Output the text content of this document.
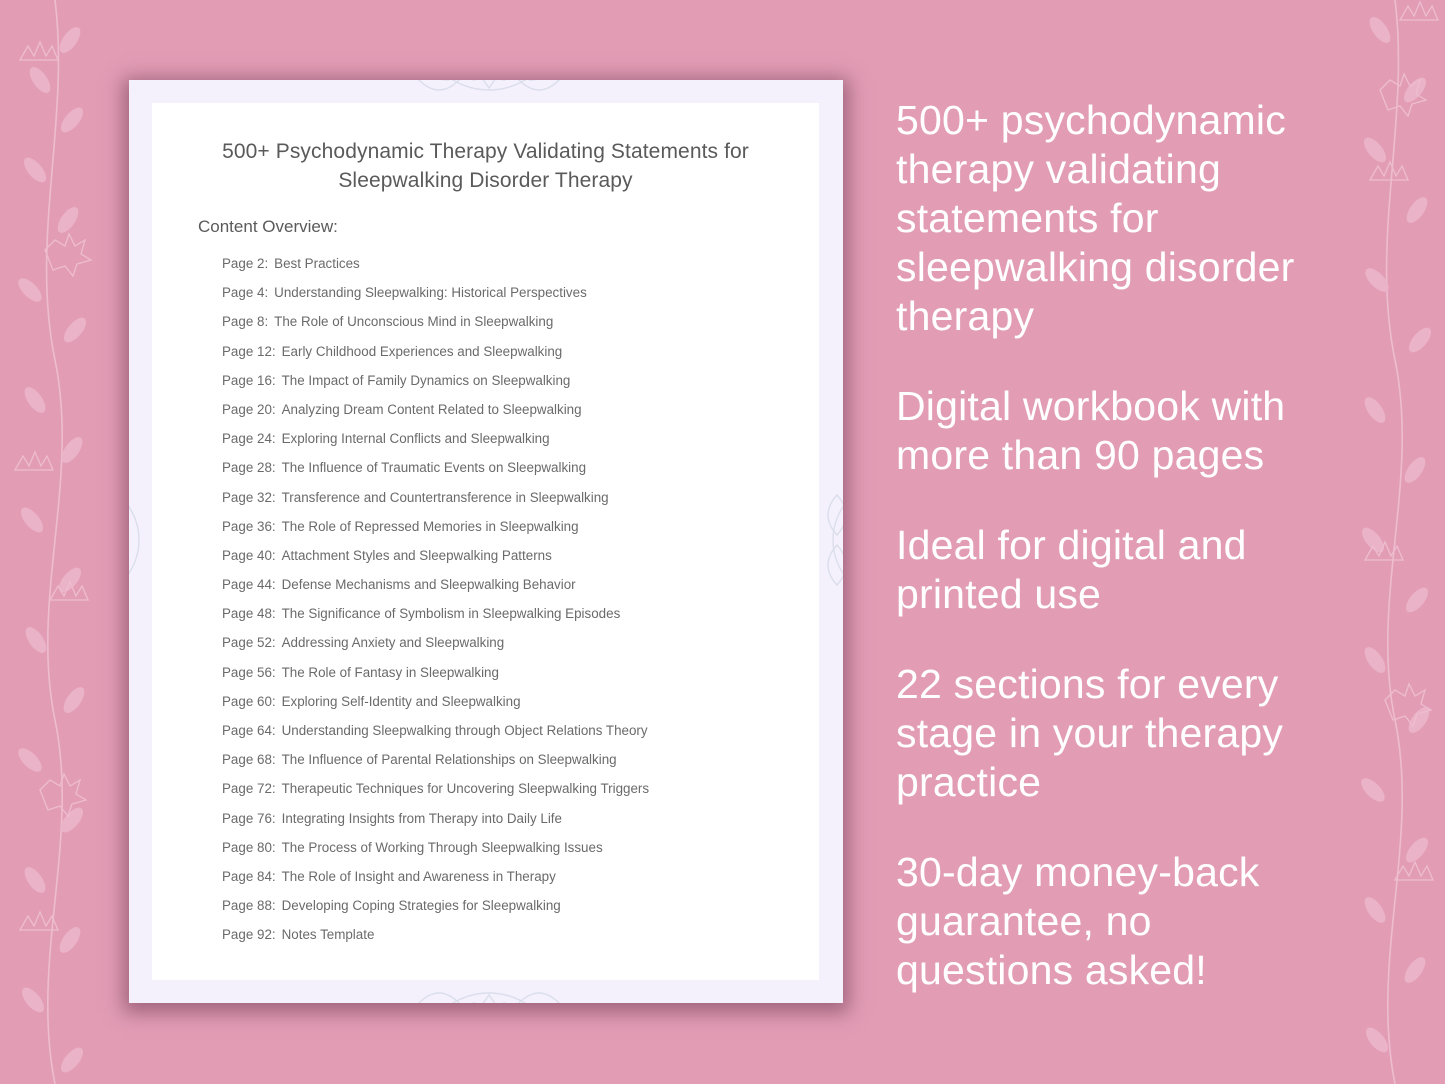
500+ Psychodynamic Therapy Validating Statements for
Sleepwalking Disorder Therapy
Content Overview:
Page 2: Best Practices
Page 4: Understanding Sleepwalking: Historical Perspectives
Page 8: The Role of Unconscious Mind in Sleepwalking
Page 12: Early Childhood Experiences and Sleepwalking
Page 16: The Impact of Family Dynamics on Sleepwalking
Page 20: Analyzing Dream Content Related to Sleepwalking
Page 24: Exploring Internal Conflicts and Sleepwalking
Page 28: The Influence of Traumatic Events on Sleepwalking
Page 32: Transference and Countertransference in Sleepwalking
Page 36: The Role of Repressed Memories in Sleepwalking
Page 40: Attachment Styles and Sleepwalking Patterns
Page 44: Defense Mechanisms and Sleepwalking Behavior
Page 48: The Significance of Symbolism in Sleepwalking Episodes
Page 52: Addressing Anxiety and Sleepwalking
Page 56: The Role of Fantasy in Sleepwalking
Page 60: Exploring Self-Identity and Sleepwalking
Page 64: Understanding Sleepwalking through Object Relations Theory
Page 68: The Influence of Parental Relationships on Sleepwalking
Page 72: Therapeutic Techniques for Uncovering Sleepwalking Triggers
Page 76: Integrating Insights from Therapy into Daily Life
Page 80: The Process of Working Through Sleepwalking Issues
Page 84: The Role of Insight and Awareness in Therapy
Page 88: Developing Coping Strategies for Sleepwalking
Page 92: Notes Template

500+ psychodynamic therapy validating statements for sleepwalking disorder therapy

Digital workbook with more than 90 pages

Ideal for digital and printed use

22 sections for every stage in your therapy practice

30-day money-back guarantee, no questions asked!
